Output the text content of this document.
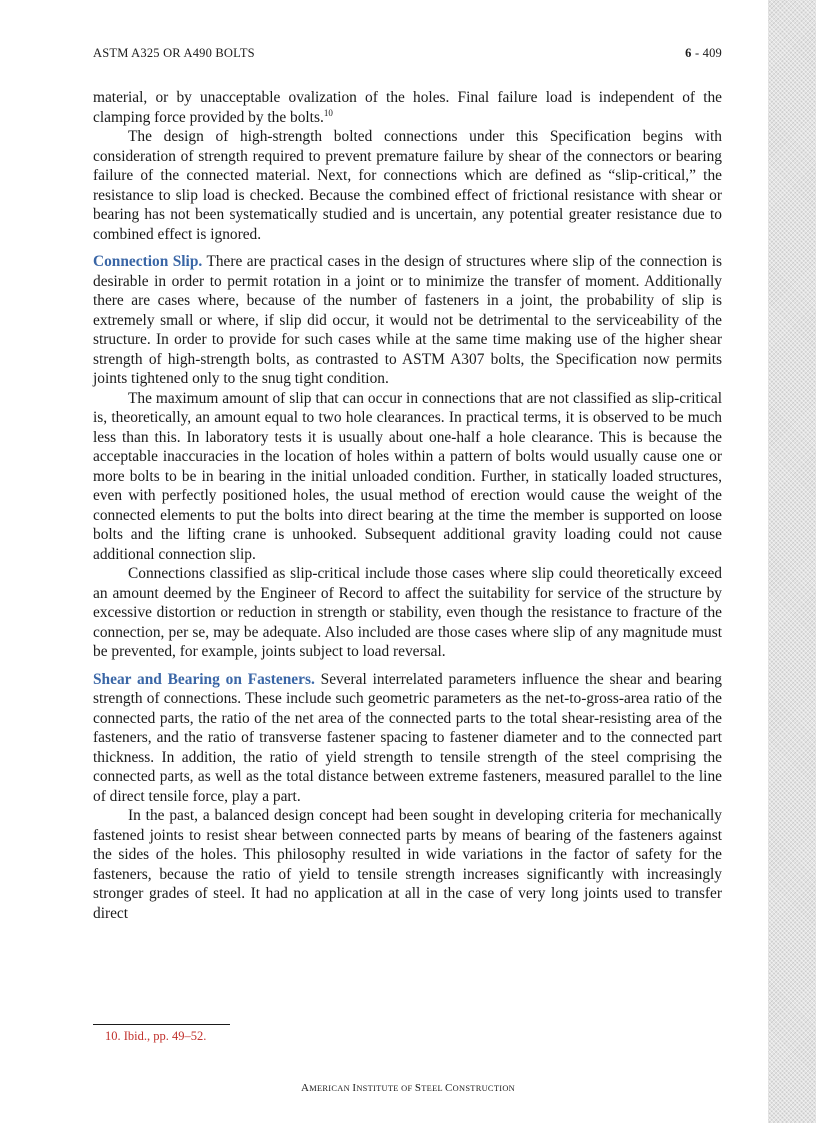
ASTM A325 OR A490 BOLTS	6 - 409

material, or by unacceptable ovalization of the holes. Final failure load is independent of the clamping force provided by the bolts.$^{10}$

The design of high-strength bolted connections under this Specification begins with consideration of strength required to prevent premature failure by shear of the connectors or bearing failure of the connected material. Next, for connections which are defined as “slip-critical,” the resistance to slip load is checked. Because the combined effect of frictional resistance with shear or bearing has not been systematically studied and is uncertain, any potential greater resistance due to combined effect is ignored.

Connection Slip. There are practical cases in the design of structures where slip of the connection is desirable in order to permit rotation in a joint or to minimize the transfer of moment. Additionally there are cases where, because of the number of fasteners in a joint, the probability of slip is extremely small or where, if slip did occur, it would not be detrimental to the serviceability of the structure. In order to provide for such cases while at the same time making use of the higher shear strength of high-strength bolts, as contrasted to ASTM A307 bolts, the Specification now permits joints tightened only to the snug tight condition.

The maximum amount of slip that can occur in connections that are not classified as slip-critical is, theoretically, an amount equal to two hole clearances. In practical terms, it is observed to be much less than this. In laboratory tests it is usually about one-half a hole clearance. This is because the acceptable inaccuracies in the location of holes within a pattern of bolts would usually cause one or more bolts to be in bearing in the initial unloaded condition. Further, in statically loaded structures, even with perfectly positioned holes, the usual method of erection would cause the weight of the connected elements to put the bolts into direct bearing at the time the member is supported on loose bolts and the lifting crane is unhooked. Subsequent additional gravity loading could not cause additional connection slip.

Connections classified as slip-critical include those cases where slip could theoretically exceed an amount deemed by the Engineer of Record to affect the suitability for service of the structure by excessive distortion or reduction in strength or stability, even though the resistance to fracture of the connection, per se, may be adequate. Also included are those cases where slip of any magnitude must be prevented, for example, joints subject to load reversal.

Shear and Bearing on Fasteners. Several interrelated parameters influence the shear and bearing strength of connections. These include such geometric parameters as the net-to-gross-area ratio of the connected parts, the ratio of the net area of the connected parts to the total shear-resisting area of the fasteners, and the ratio of transverse fastener spacing to fastener diameter and to the connected part thickness. In addition, the ratio of yield strength to tensile strength of the steel comprising the connected parts, as well as the total distance between extreme fasteners, measured parallel to the line of direct tensile force, play a part.

In the past, a balanced design concept had been sought in developing criteria for mechanically fastened joints to resist shear between connected parts by means of bearing of the fasteners against the sides of the holes. This philosophy resulted in wide variations in the factor of safety for the fasteners, because the ratio of yield to tensile strength increases significantly with increasingly stronger grades of steel. It had no application at all in the case of very long joints used to transfer direct

10. Ibid., pp. 49–52.
AMERICAN INSTITUTE OF STEEL CONSTRUCTION
